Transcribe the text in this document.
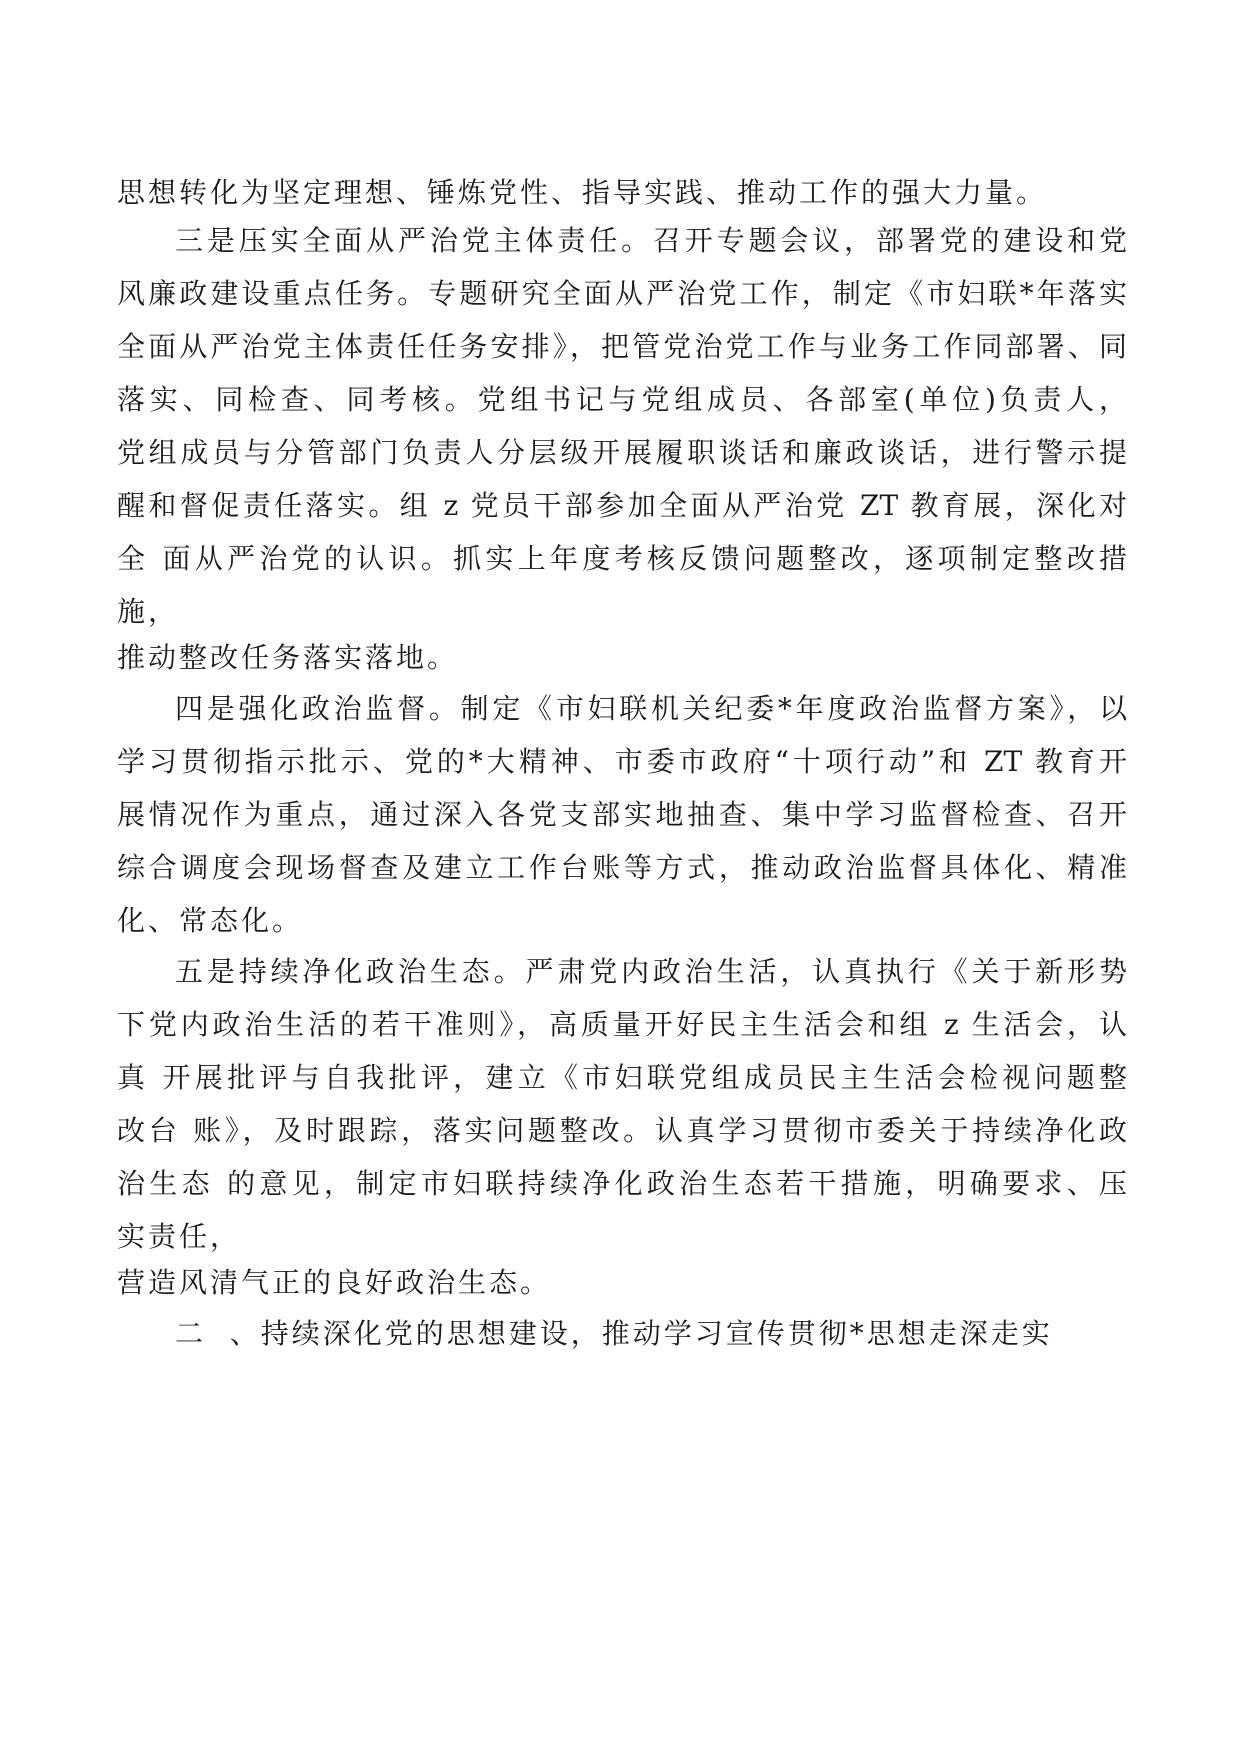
思想转化为坚定理想、锤炼党性、指导实践、推动工作的强大力量。
三是压实全面从严治党主体责任。召开专题会议，部署党的建设和党
风廉政建设重点任务。专题研究全面从严治党工作，制定《市妇联*年落实
全面从严治党主体责任任务安排》，把管党治党工作与业务工作同部署、同
落实、同检查、同考核。党组书记与党组成员、各部室(单位)负责人，
党组成员与分管部门负责人分层级开展履职谈话和廉政谈话，进行警示提
醒和督促责任落实。组 z 党员干部参加全面从严治党 ZT 教育展，深化对
全 面从严治党的认识。抓实上年度考核反馈问题整改，逐项制定整改措
施，
推动整改任务落实落地。
四是强化政治监督。制定《市妇联机关纪委*年度政治监督方案》，以
学习贯彻指示批示、党的*大精神、市委市政府“十项行动”和 ZT 教育开
展情况作为重点，通过深入各党支部实地抽查、集中学习监督检查、召开
综合调度会现场督查及建立工作台账等方式，推动政治监督具体化、精准
化、常态化。
五是持续净化政治生态。严肃党内政治生活，认真执行《关于新形势
下党内政治生活的若干准则》，高质量开好民主生活会和组 z 生活会，认
真 开展批评与自我批评，建立《市妇联党组成员民主生活会检视问题整
改台 账》，及时跟踪，落实问题整改。认真学习贯彻市委关于持续净化政
治生态 的意见，制定市妇联持续净化政治生态若干措施，明确要求、压
实责任，
营造风清气正的良好政治生态。
二  、持续深化党的思想建设，推动学习宣传贯彻*思想走深走实
